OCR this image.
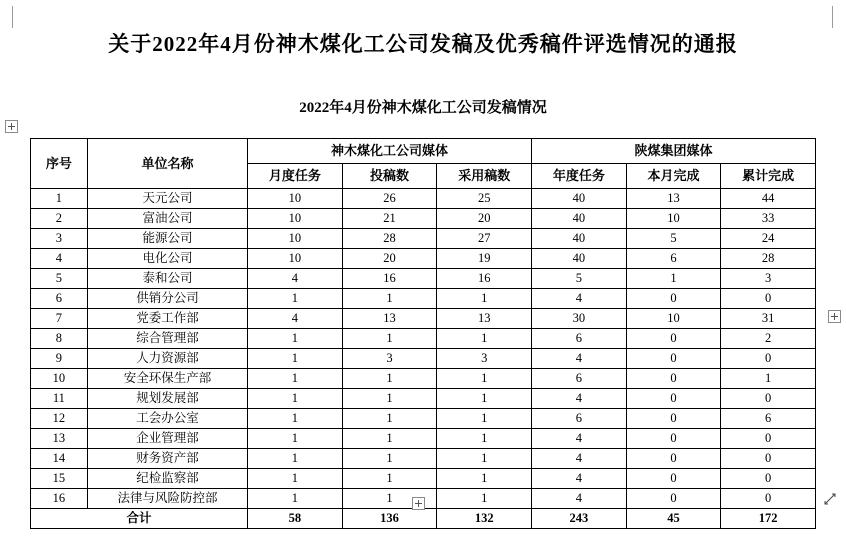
关于2022年4月份神木煤化工公司发稿及优秀稿件评选情况的通报
2022年4月份神木煤化工公司发稿情况
序号	单位名称	神木煤化工公司媒体			陕煤集团媒体		
		月度任务	投稿数	采用稿数	年度任务	本月完成	累计完成
1	天元公司	10	26	25	40	13	44
2	富油公司	10	21	20	40	10	33
3	能源公司	10	28	27	40	5	24
4	电化公司	10	20	19	40	6	28
5	泰和公司	4	16	16	5	1	3
6	供销分公司	1	1	1	4	0	0
7	党委工作部	4	13	13	30	10	31
8	综合管理部	1	1	1	6	0	2
9	人力资源部	1	3	3	4	0	0
10	安全环保生产部	1	1	1	6	0	1
11	规划发展部	1	1	1	4	0	0
12	工会办公室	1	1	1	6	0	6
13	企业管理部	1	1	1	4	0	0
14	财务资产部	1	1	1	4	0	0
15	纪检监察部	1	1	1	4	0	0
16	法律与风险防控部	1	1	1	4	0	0
合计		58	136	132	243	45	172
